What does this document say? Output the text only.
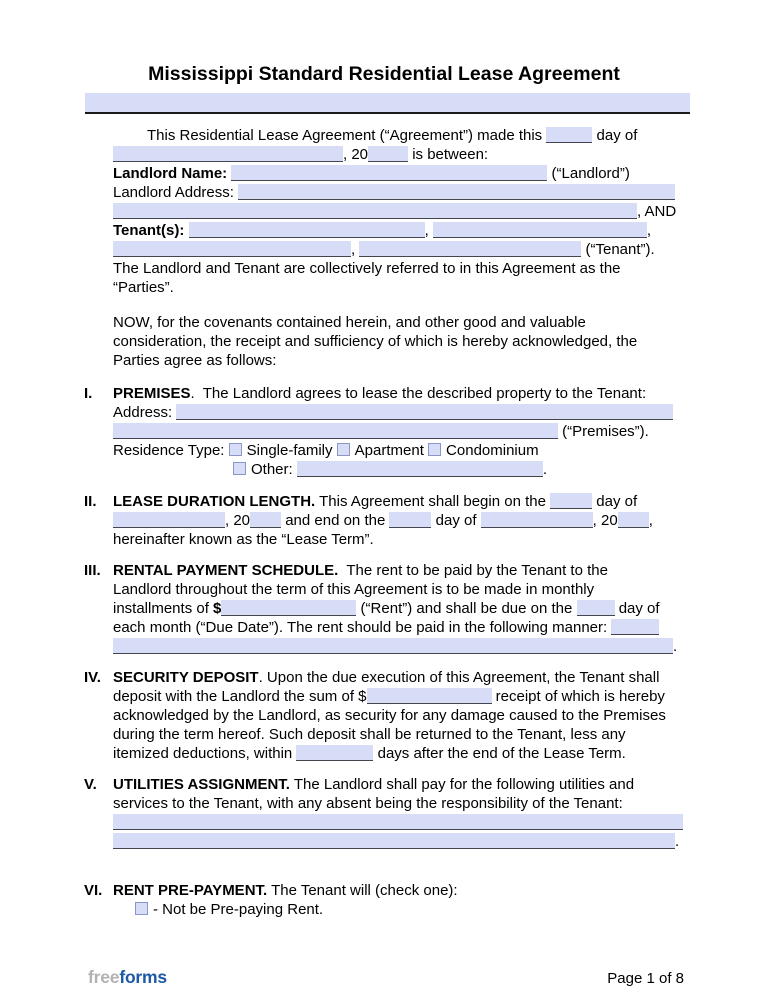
Mississippi Standard Residential Lease Agreement
This Residential Lease Agreement (“Agreement”) made this	day of
, 20	is between:
Landlord Name:	(“Landlord”)
Landlord Address:
, AND
Tenant(s):	,	,
,	(“Tenant”).
The Landlord and Tenant are collectively referred to in this Agreement as the
“Parties”.
NOW, for the covenants contained herein, and other good and valuable
consideration, the receipt and sufficiency of which is hereby acknowledged, the
Parties agree as follows:
I.	PREMISES.  The Landlord agrees to lease the described property to the Tenant:
Address:
(“Premises”).
Residence Type: Single-family Apartment Condominium
Other:	.
II.	LEASE DURATION LENGTH. This Agreement shall begin on the	day of
, 20 and end on the	day of	, 20 ,
hereinafter known as the “Lease Term”.
III. RENTAL PAYMENT SCHEDULE.  The rent to be paid by the Tenant to the
Landlord throughout the term of this Agreement is to be made in monthly
installments of $	(“Rent”) and shall be due on the	day of
each month (“Due Date”). The rent should be paid in the following manner:
.
IV. SECURITY DEPOSIT. Upon the due execution of this Agreement, the Tenant shall
deposit with the Landlord the sum of $	receipt of which is hereby
acknowledged by the Landlord, as security for any damage caused to the Premises
during the term hereof. Such deposit shall be returned to the Tenant, less any
itemized deductions, within	days after the end of the Lease Term.
V.	UTILITIES ASSIGNMENT. The Landlord shall pay for the following utilities and
services to the Tenant, with any absent being the responsibility of the Tenant:
.
VI. RENT PRE-PAYMENT. The Tenant will (check one):
- Not be Pre-paying Rent.
freeforms	Page 1 of 8
